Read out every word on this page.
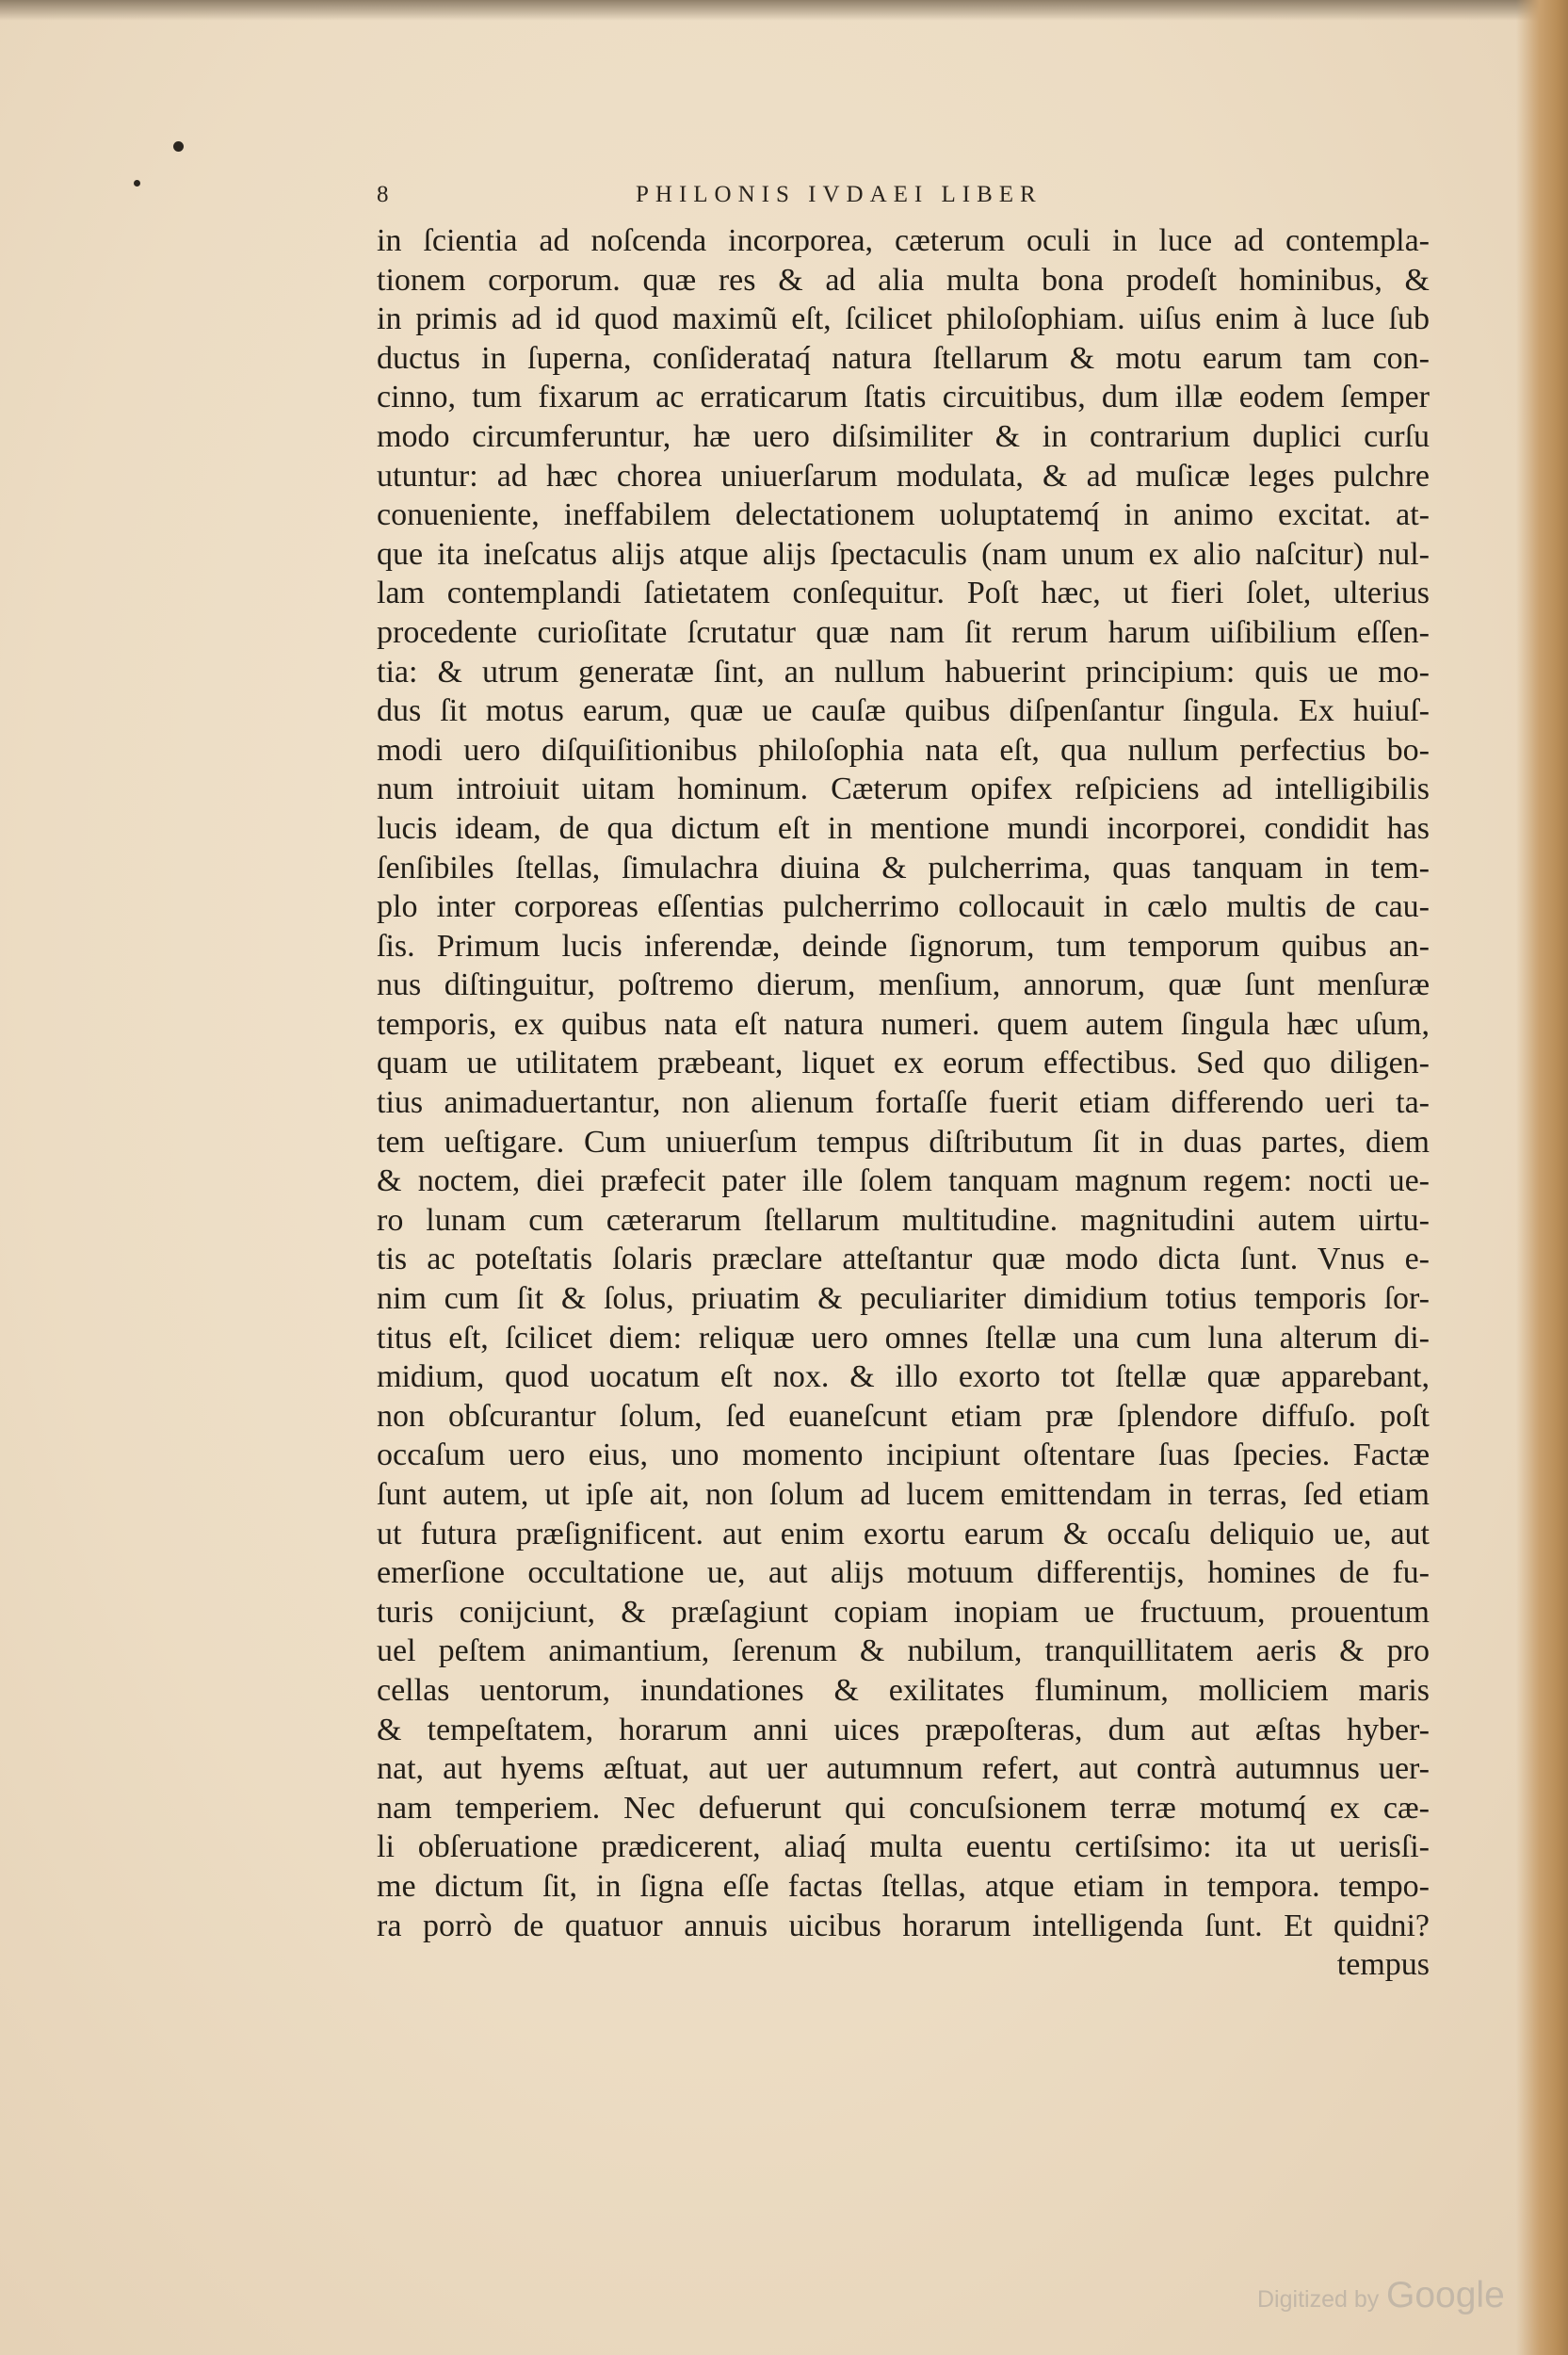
8	PHILONIS IVDAEI LIBER
in ſcientia ad noſcenda incorporea, cæterum oculi in luce ad contempla-
tionem corporum. quæ res & ad alia multa bona prodeſt hominibus, &
in primis ad id quod maximũ eſt, ſcilicet philoſophiam. uiſus enim à luce ſub
ductus in ſuperna, conſiderataq́ natura ſtellarum & motu earum tam con-
cinno, tum fixarum ac erraticarum ſtatis circuitibus, dum illæ eodem ſemper
modo circumferuntur, hæ uero diſsimiliter & in contrarium duplici curſu
utuntur: ad hæc chorea uniuerſarum modulata, & ad muſicæ leges pulchre
conueniente, ineffabilem delectationem uoluptatemq́ in animo excitat. at-
que ita ineſcatus alijs atque alijs ſpectaculis (nam unum ex alio naſcitur) nul-
lam contemplandi ſatietatem conſequitur. Poſt hæc, ut fieri ſolet, ulterius
procedente curioſitate ſcrutatur quæ nam ſit rerum harum uiſibilium eſſen-
tia: & utrum generatæ ſint, an nullum habuerint principium: quis ue mo-
dus ſit motus earum, quæ ue cauſæ quibus diſpenſantur ſingula. Ex huiuſ-
modi uero diſquiſitionibus philoſophia nata eſt, qua nullum perfectius bo-
num introiuit uitam hominum. Cæterum opifex reſpiciens ad intelligibilis
lucis ideam, de qua dictum eſt in mentione mundi incorporei, condidit has
ſenſibiles ſtellas, ſimulachra diuina & pulcherrima, quas tanquam in tem-
plo inter corporeas eſſentias pulcherrimo collocauit in cælo multis de cau-
ſis. Primum lucis inferendæ, deinde ſignorum, tum temporum quibus an-
nus diſtinguitur, poſtremo dierum, menſium, annorum, quæ ſunt menſuræ
temporis, ex quibus nata eſt natura numeri. quem autem ſingula hæc uſum,
quam ue utilitatem præbeant, liquet ex eorum effectibus. Sed quo diligen-
tius animaduertantur, non alienum fortaſſe fuerit etiam differendo ueri ta-
tem ueſtigare. Cum uniuerſum tempus diſtributum ſit in duas partes, diem
& noctem, diei præfecit pater ille ſolem tanquam magnum regem: nocti ue-
ro lunam cum cæterarum ſtellarum multitudine. magnitudini autem uirtu-
tis ac poteſtatis ſolaris præclare atteſtantur quæ modo dicta ſunt. Vnus e-
nim cum ſit & ſolus, priuatim & peculiariter dimidium totius temporis ſor-
titus eſt, ſcilicet diem: reliquæ uero omnes ſtellæ una cum luna alterum di-
midium, quod uocatum eſt nox. & illo exorto tot ſtellæ quæ apparebant,
non obſcurantur ſolum, ſed euaneſcunt etiam præ ſplendore diffuſo. poſt
occaſum uero eius, uno momento incipiunt oſtentare ſuas ſpecies. Factæ
ſunt autem, ut ipſe ait, non ſolum ad lucem emittendam in terras, ſed etiam
ut futura præſignificent. aut enim exortu earum & occaſu deliquio ue, aut
emerſione occultatione ue, aut alijs motuum differentijs, homines de fu-
turis conijciunt, & præſagiunt copiam inopiam ue fructuum, prouentum
uel peſtem animantium, ſerenum & nubilum, tranquillitatem aeris & pro
cellas uentorum, inundationes & exilitates fluminum, molliciem maris
& tempeſtatem, horarum anni uices præpoſteras, dum aut æſtas hyber-
nat, aut hyems æſtuat, aut uer autumnum refert, aut contrà autumnus uer-
nam temperiem. Nec defuerunt qui concuſsionem terræ motumq́ ex cæ-
li obſeruatione prædicerent, aliaq́ multa euentu certiſsimo: ita ut uerisſi-
me dictum ſit, in ſigna eſſe factas ſtellas, atque etiam in tempora. tempo-
ra porrò de quatuor annuis uicibus horarum intelligenda ſunt. Et quidni?
tempus
Digitized by Google
